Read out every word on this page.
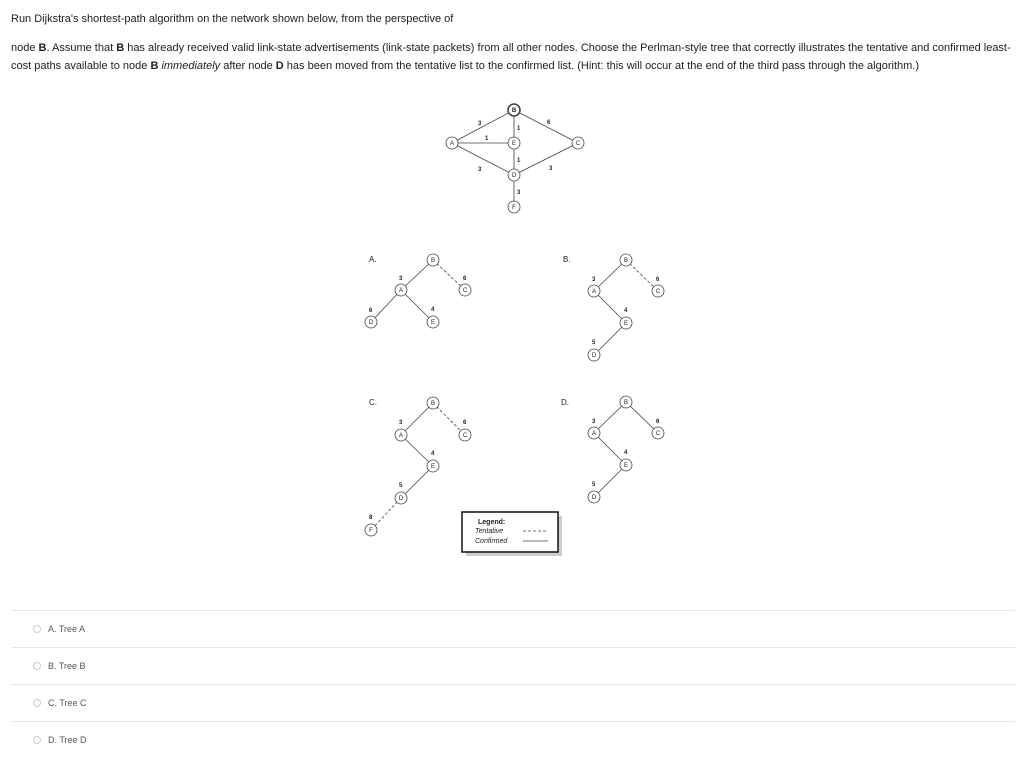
Run Dijkstra's shortest-path algorithm on the network shown below, from the perspective of

node B. Assume that B has already received valid link-state advertisements (link-state packets) from all other nodes. Choose the Perlman-style tree that correctly illustrates the tentative and confirmed least-cost paths available to node B immediately after node D has been moved from the tentative list to the confirmed list. (Hint: this will occur at the end of the third pass through the algorithm.)

B
A	E	C
D
F
3
1
3
1
6
1
3
3
A.	B
A	C
E
D
3	6
4
6
B.	B
A	C
E
D
3	6
4
5
C.	B
A	C
E
D
F
3	6
4
5
8
D.	B
A	C
E
D
3	6
4
5
Legend:
Tentative
Confirmed
A. Tree A
B. Tree B
C. Tree C
D. Tree D
